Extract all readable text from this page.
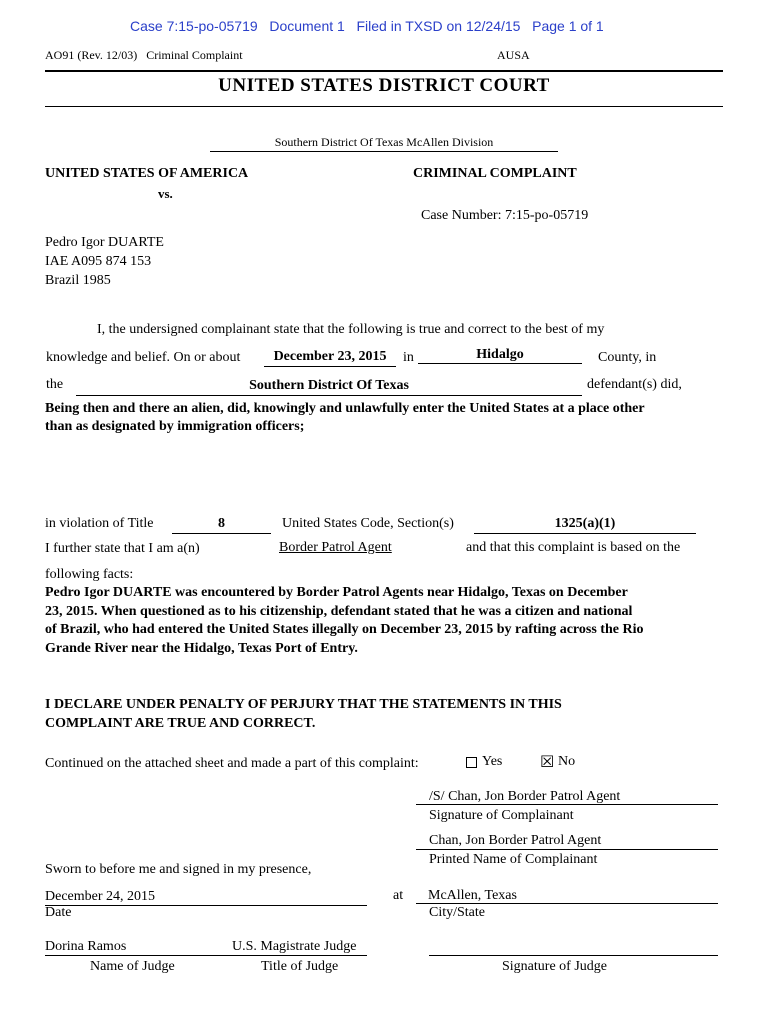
Case 7:15-po-05719 Document 1 Filed in TXSD on 12/24/15 Page 1 of 1
AO91 (Rev. 12/03) Criminal Complaint	AUSA
UNITED STATES DISTRICT COURT
Southern District Of Texas McAllen Division
UNITED STATES OF AMERICA
vs.
CRIMINAL COMPLAINT
Case Number: 7:15-po-05719
Pedro Igor DUARTE
IAE A095 874 153
Brazil 1985
I, the undersigned complainant state that the following is true and correct to the best of my
knowledge and belief. On or about	December 23, 2015	in	Hidalgo	County, in
the	Southern District Of Texas	defendant(s) did,
Being then and there an alien, did, knowingly and unlawfully enter the United States at a place other
than as designated by immigration officers;
in violation of Title	8	United States Code, Section(s)	1325(a)(1)
I further state that I am a(n)	Border Patrol Agent	and that this complaint is based on the
following facts:
Pedro Igor DUARTE was encountered by Border Patrol Agents near Hidalgo, Texas on December
23, 2015. When questioned as to his citizenship, defendant stated that he was a citizen and national
of Brazil, who had entered the United States illegally on December 23, 2015 by rafting across the Rio
Grande River near the Hidalgo, Texas Port of Entry.
I DECLARE UNDER PENALTY OF PERJURY THAT THE STATEMENTS IN THIS
COMPLAINT ARE TRUE AND CORRECT.
Continued on the attached sheet and made a part of this complaint:	Yes ☒ No
/S/ Chan, Jon Border Patrol Agent
Signature of Complainant
Chan, Jon Border Patrol Agent
Printed Name of Complainant
Sworn to before me and signed in my presence,
December 24, 2015
Date
at McAllen, Texas
City/State
Dorina Ramos	U.S. Magistrate Judge
Name of Judge	Title of Judge	Signature of Judge
